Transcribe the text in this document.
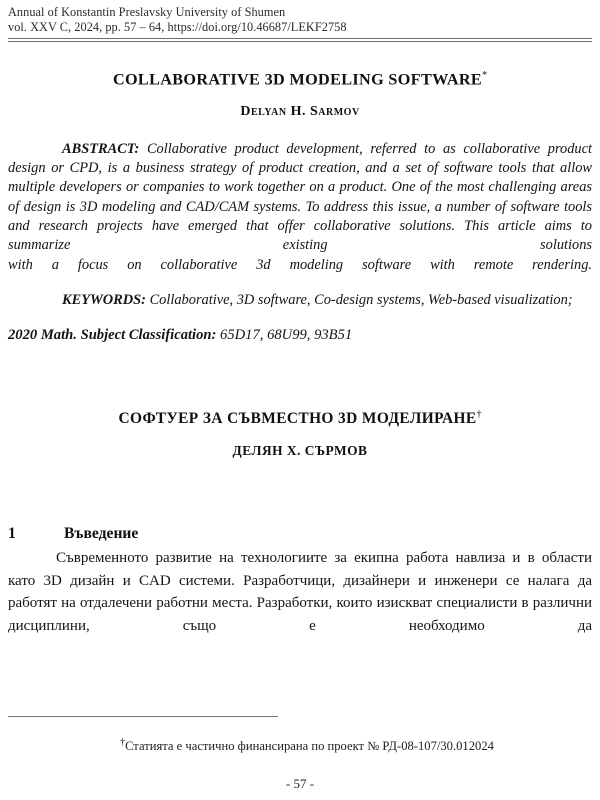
Annual of Konstantin Preslavsky University of Shumen
vol. XXV C, 2024, pp. 57 – 64, https://doi.org/10.46687/LEKF2758
COLLABORATIVE 3D MODELING SOFTWARE*
Delyan H. Sarmov
ABSTRACT: Collaborative product development, referred to as collaborative product design or CPD, is a business strategy of product creation, and a set of software tools that allow multiple developers or companies to work together on a product. One of the most challenging areas of design is 3D modeling and CAD/CAM systems. To address this issue, a number of software tools and research projects have emerged that offer collaborative solutions. This article aims to summarize existing solutions
with a focus on collaborative 3d modeling software with remote rendering.
KEYWORDS: Collaborative, 3D software, Co-design systems, Web-based visualization;
2020 Math. Subject Classification: 65D17, 68U99, 93B51
СОФТУЕР ЗА СЪВМЕСТНО 3D МОДЕЛИРАНЕ†
ДЕЛЯН Х. СЪРМОВ
1	Въведение
Съвременното развитие на технологиите за екипна работа навлиза и в области като 3D дизайн и CAD системи. Разработчици, дизайнери и инженери се налага да работят на отдалечени работни места. Разработки, които изискват специалисти в различни дисциплини, също е необходимо да
†Статията е частично финансирана по проект № РД-08-107/30.012024
- 57 -
